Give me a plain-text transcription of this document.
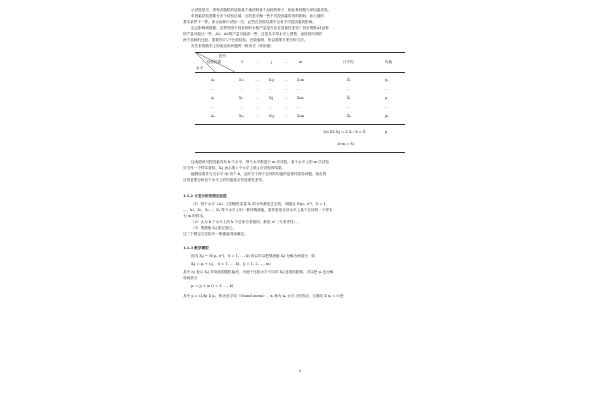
示试验批号，即每次随机的选取某个地块种某个品种的种子，称此种问题为单因素试验。
单因素试验需要分多个试验区域，目的是平衡一些不可控因素带来的影响，如土地的
基本条件不一样。如水品种只试验一次，必然在试验结果中含有不可控因素的影响。
也会影响到数据，怎样判别不同品种的水稻产量是否存在显著性差异？初步观察A1品种
的产量可能比一些，A2，A3的产量可能高一些，这是从平均水平上观察，而检验所得的
两个品种的比较，需要作C²ₙ个比较检验，比较麻烦，所以需要方差分析方法。
首先来看数学上的表达所问题的一般形式（单因素）
批号
检验结果
水平
1	…	j	…	m	行平均	均值
A₁	X₁₁	…	X₁j	… X₁m	X̄₁	μ₁
…	…	…	…	… …	…	…
Aᵢ	Xᵢ₁	…	Xᵢj	… Xᵢm	X̄ᵢ	μᵢ
…	…	…	…	… …	…	…
Aₖ	Xₖ₁	…	Xₖj	… Xₖm	X̄ₖ	μₖ
1/n ΣΣ Xᵢj = Σ Xᵢ / k = X̄
（k·m = N）
μ
这表明该可控因素具有 k 个水平，每个水平都进行 m 次试验，某个水平上的 m 次试验
可当作一个样本看待，Xᵢj 表示第 i 个水平上第 j 次试验的结果。
能假设看作当当水平 (i) 有个 k，这时当于两个总体的均值的显著性检验问题，现在的
目的是要分析各个水平上的均值是否有显著性差异。
1.1.2 方差分析的假定前提
（1）每个水平（Aᵢ）上的随机变量 Xᵢ 的分布都是正态的，即服从 N(μᵢ, σ²)，(i = 1,
…，k)，X₁，X₂…，Xₖ 每个水平上的一系列观测值，看作是取自该水平上某个总体的一个样本
为 m 的样本。
（2）认为 k 个水平上的 k 个总体方差相同，都是 σ²（方差齐性）。
（3）观测值 Xᵢj 相互独立。
这三个假定在实际中一般都能得到满足。
1.1.3 数学模型
因为 Xᵢj ~ N(μᵢ, σ²)，(i = 1, …, k) 所以可以把观测值 Xᵢj 分解为两部分，即
Xᵢj = μᵢ + εᵢj， (i = 1, …, k)，(j = 1, 2, …, m)
其中 εᵢj 表示 Xᵢj 对均值的随机偏差，为便于比较水平不同对 Xᵢj 造成的影响，可以把 μᵢ 也分解
成两部分
μᵢ = μ + αᵢ (i = 1, …, k)
其中 μ = (1/k) Σ μᵢ，称为总平均（Grand mean）；αᵢ 称为 Aᵢ 水平上的效应，它满足 Σ αᵢ = 0 把
2
